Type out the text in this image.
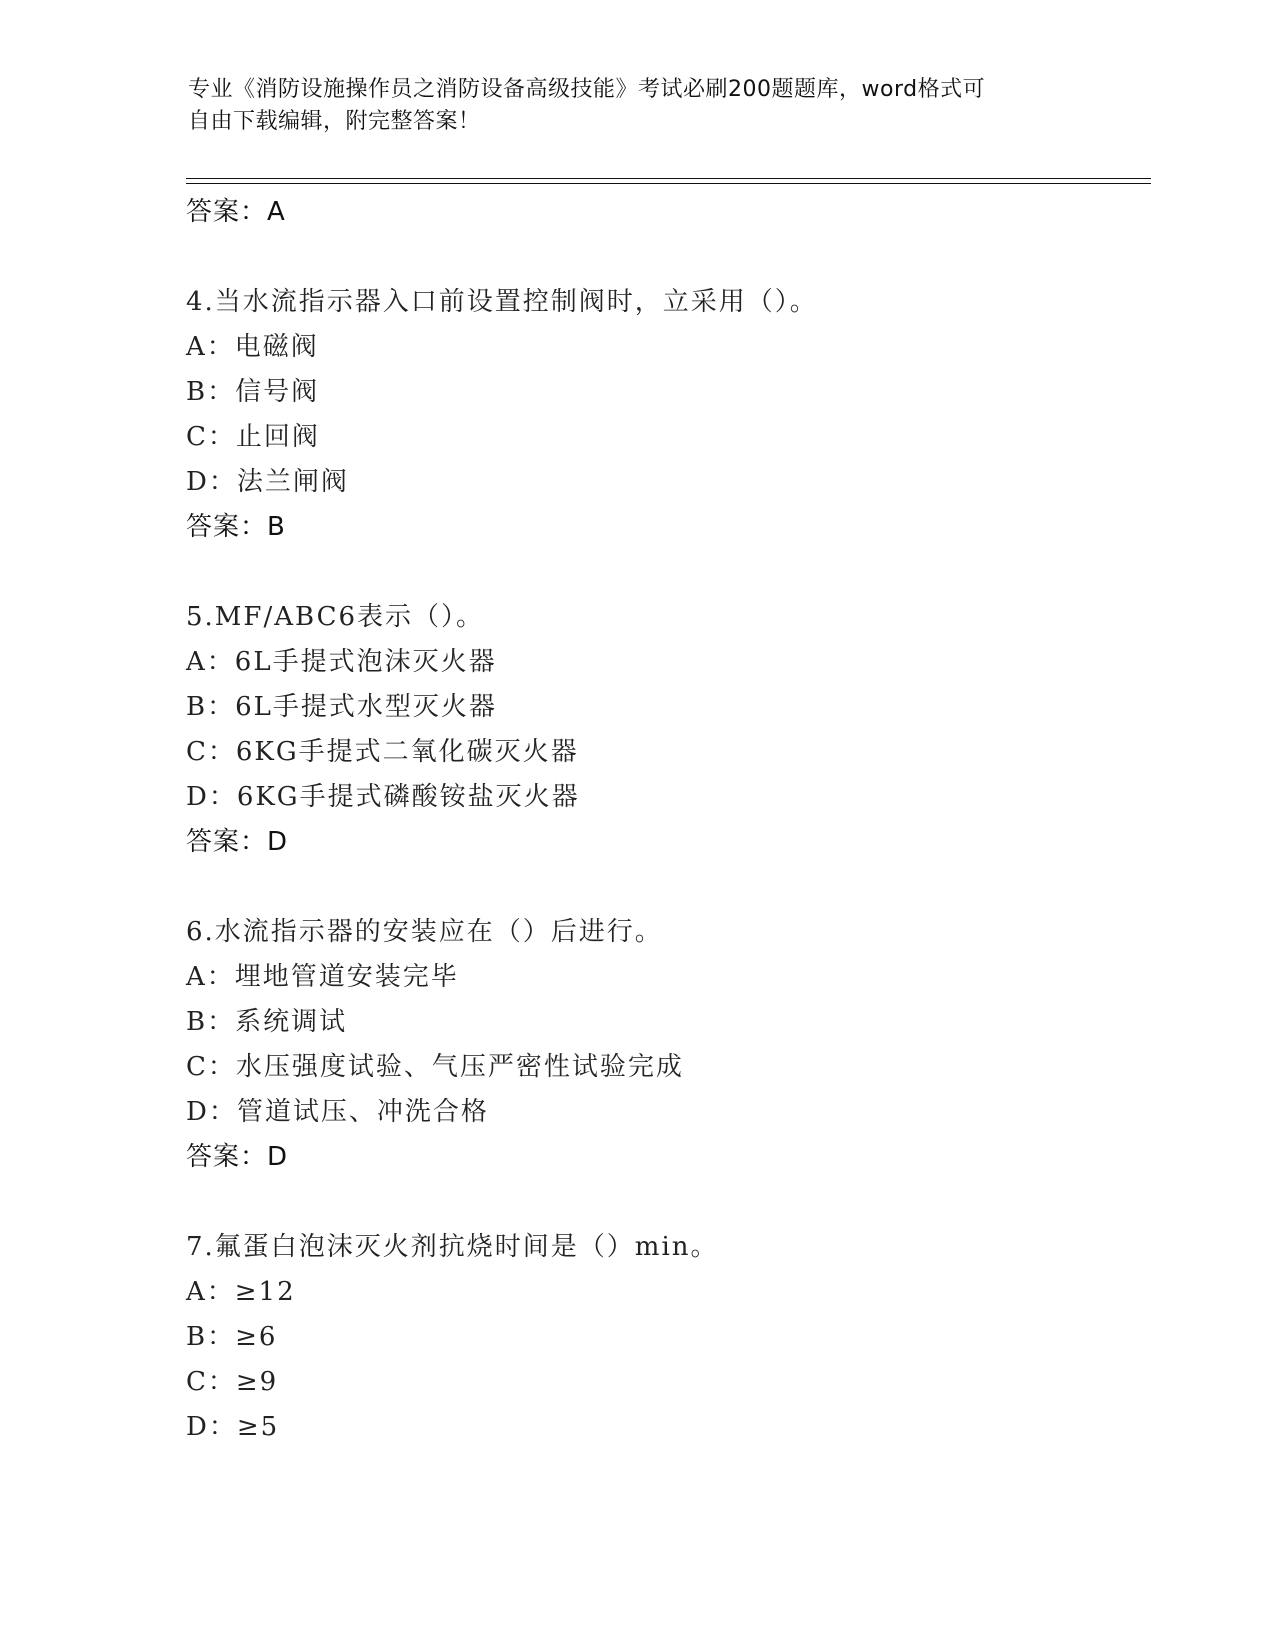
专业《消防设施操作员之消防设备高级技能》考试必刷200题题库，word格式可
自由下载编辑，附完整答案！
答案：A
4.当水流指示器入口前设置控制阀时，立采用（）。
A：电磁阀
B：信号阀
C：止回阀
D：法兰闸阀
答案：B
5.MF/ABC6表示（）。
A：6L手提式泡沫灭火器
B：6L手提式水型灭火器
C：6KG手提式二氧化碳灭火器
D：6KG手提式磷酸铵盐灭火器
答案：D
6.水流指示器的安装应在（）后进行。
A：埋地管道安装完毕
B：系统调试
C：水压强度试验、气压严密性试验完成
D：管道试压、冲洗合格
答案：D
7.氟蛋白泡沫灭火剂抗烧时间是（）min。
A：≥12
B：≥6
C：≥9
D：≥5
